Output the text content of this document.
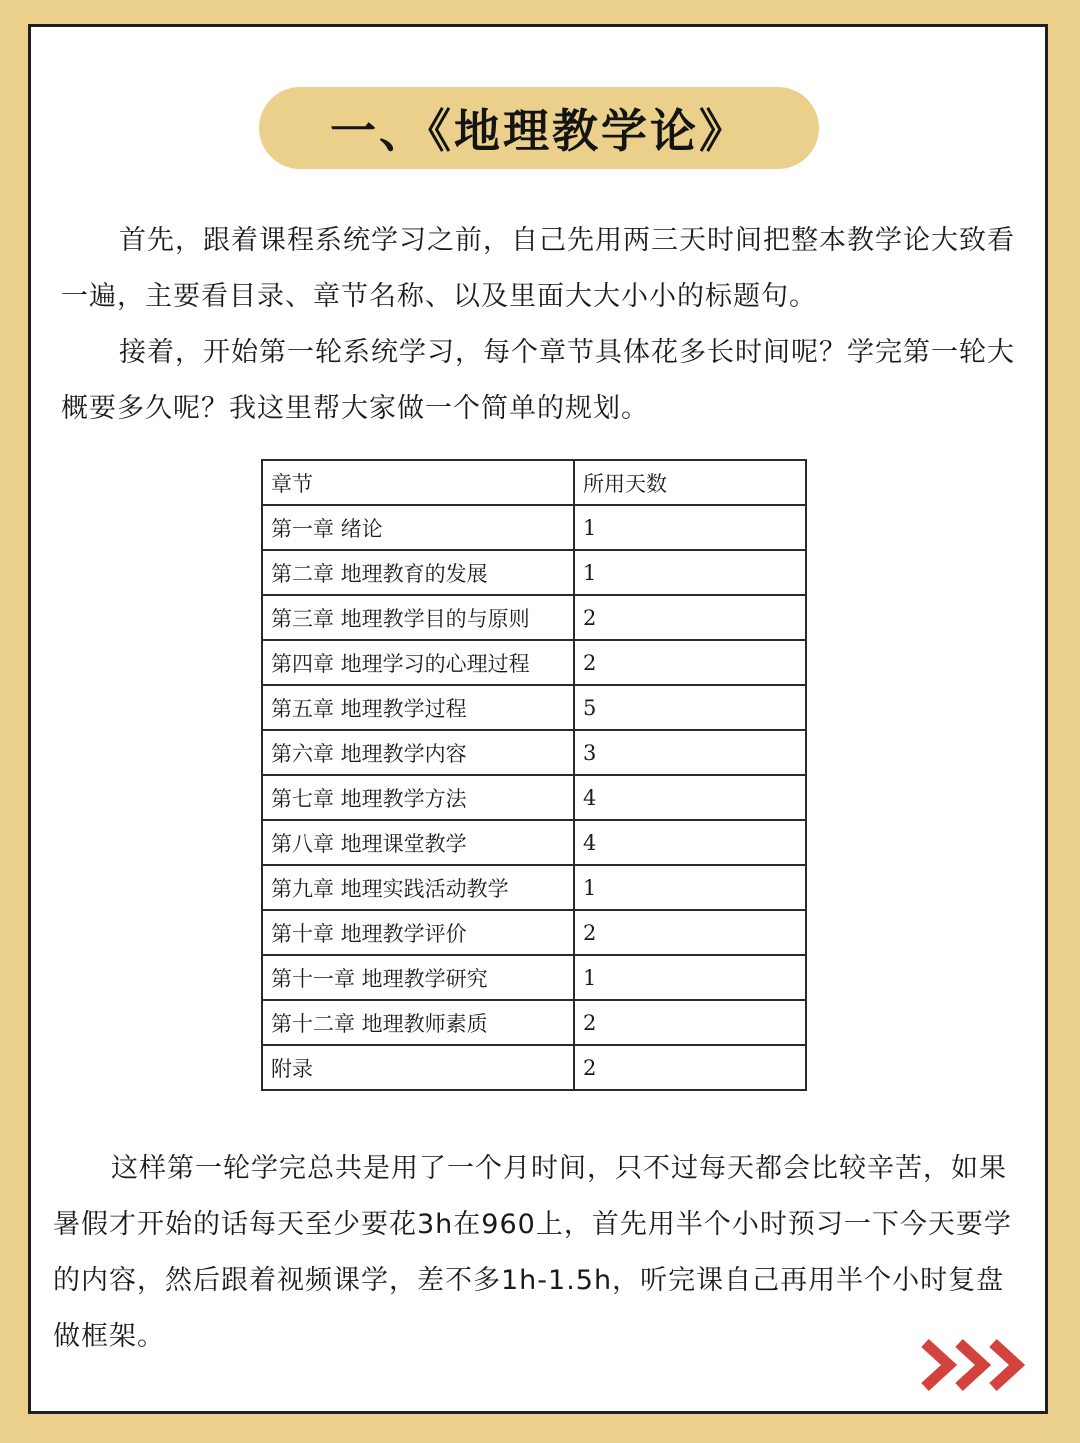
一、《地理教学论》

首先，跟着课程系统学习之前，自己先用两三天时间把整本教学论大致看一遍，主要看目录、章节名称、以及里面大大小小的标题句。

接着，开始第一轮系统学习，每个章节具体花多长时间呢？学完第一轮大概要多久呢？我这里帮大家做一个简单的规划。

章节	所用天数
第一章 绪论	1
第二章 地理教育的发展	1
第三章 地理教学目的与原则	2
第四章 地理学习的心理过程	2
第五章 地理教学过程	5
第六章 地理教学内容	3
第七章 地理教学方法	4
第八章 地理课堂教学	4
第九章 地理实践活动教学	1
第十章 地理教学评价	2
第十一章 地理教学研究	1
第十二章 地理教师素质	2
附录	2

这样第一轮学完总共是用了一个月时间，只不过每天都会比较辛苦，如果暑假才开始的话每天至少要花3h在960上，首先用半个小时预习一下今天要学的内容，然后跟着视频课学，差不多1h-1.5h，听完课自己再用半个小时复盘做框架。
